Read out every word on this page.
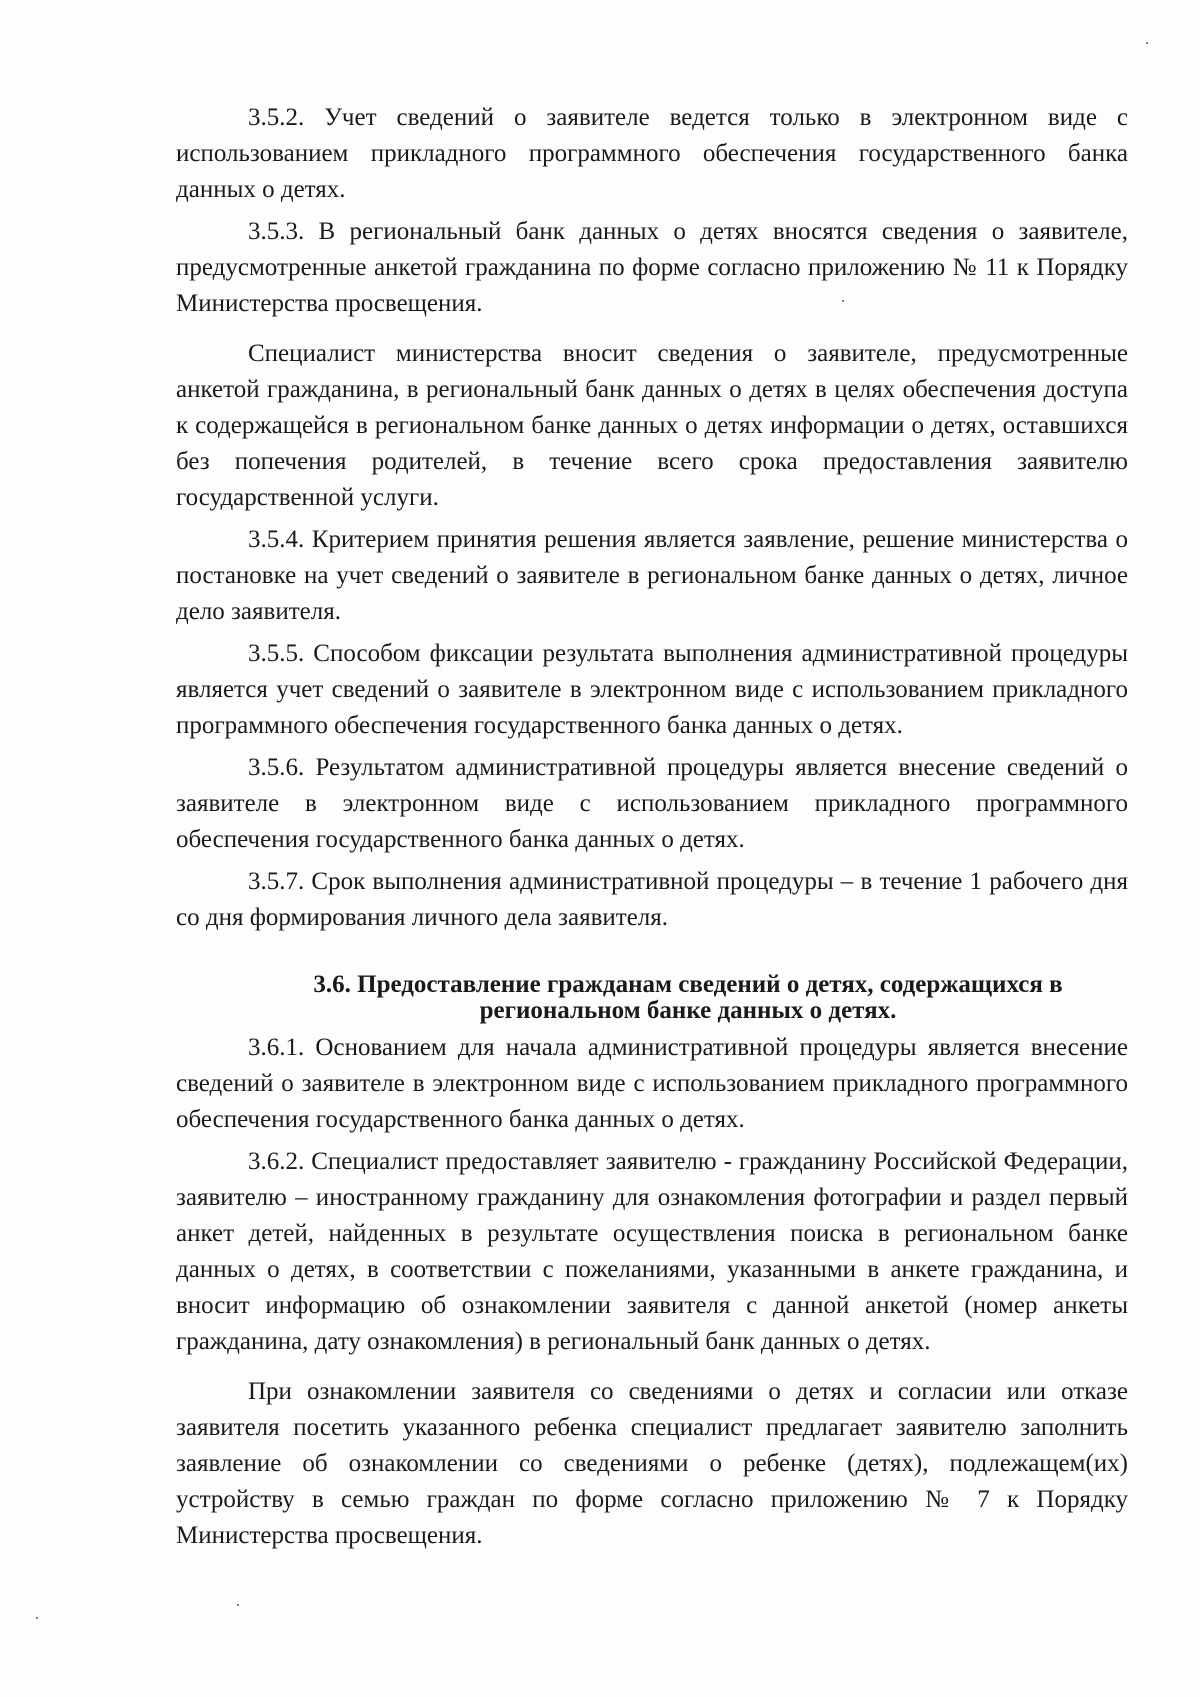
3.5.2. Учет сведений о заявителе ведется только в электронном виде с использованием прикладного программного обеспечения государственного банка данных о детях.

3.5.3. В региональный банк данных о детях вносятся сведения о заявителе, предусмотренные анкетой гражданина по форме согласно приложению № 11 к Порядку Министерства просвещения.

Специалист министерства вносит сведения о заявителе, предусмотренные анкетой гражданина, в региональный банк данных о детях в целях обеспечения доступа к содержащейся в региональном банке данных о детях информации о детях, оставшихся без попечения родителей, в течение всего срока предоставления заявителю государственной услуги.

3.5.4. Критерием принятия решения является заявление, решение министерства о постановке на учет сведений о заявителе в региональном банке данных о детях, личное дело заявителя.

3.5.5. Способом фиксации результата выполнения административной процедуры является учет сведений о заявителе в электронном виде с использованием прикладного программного обеспечения государственного банка данных о детях.

3.5.6. Результатом административной процедуры является внесение сведений о заявителе в электронном виде с использованием прикладного программного обеспечения государственного банка данных о детях.

3.5.7. Срок выполнения административной процедуры – в течение 1 рабочего дня со дня формирования личного дела заявителя.

3.6. Предоставление гражданам сведений о детях, содержащихся в региональном банке данных о детях.

3.6.1. Основанием для начала административной процедуры является внесение сведений о заявителе в электронном виде с использованием прикладного программного обеспечения государственного банка данных о детях.

3.6.2. Специалист предоставляет заявителю - гражданину Российской Федерации, заявителю – иностранному гражданину для ознакомления фотографии и раздел первый анкет детей, найденных в результате осуществления поиска в региональном банке данных о детях, в соответствии с пожеланиями, указанными в анкете гражданина, и вносит информацию об ознакомлении заявителя с данной анкетой (номер анкеты гражданина, дату ознакомления) в региональный банк данных о детях.

При ознакомлении заявителя со сведениями о детях и согласии или отказе заявителя посетить указанного ребенка специалист предлагает заявителю заполнить заявление об ознакомлении со сведениями о ребенке (детях), подлежащем(их) устройству в семью граждан по форме согласно приложению № 7 к Порядку Министерства просвещения.
